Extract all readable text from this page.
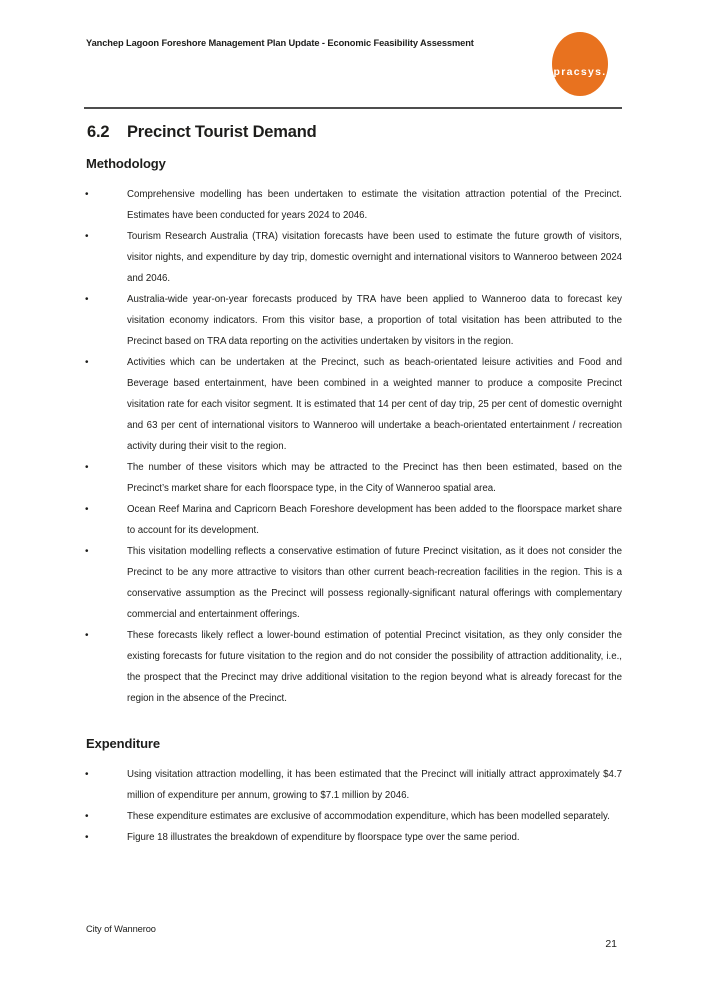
Yanchep Lagoon Foreshore Management Plan Update - Economic Feasibility Assessment
pracsys.
6.2	Precinct Tourist Demand
Methodology
•	Comprehensive modelling has been undertaken to estimate the visitation attraction potential of the Precinct. Estimates have been conducted for years 2024 to 2046.
•	Tourism Research Australia (TRA) visitation forecasts have been used to estimate the future growth of visitors, visitor nights, and expenditure by day trip, domestic overnight and international visitors to Wanneroo between 2024 and 2046.
•	Australia-wide year-on-year forecasts produced by TRA have been applied to Wanneroo data to forecast key visitation economy indicators. From this visitor base, a proportion of total visitation has been attributed to the Precinct based on TRA data reporting on the activities undertaken by visitors in the region.
•	Activities which can be undertaken at the Precinct, such as beach-orientated leisure activities and Food and Beverage based entertainment, have been combined in a weighted manner to produce a composite Precinct visitation rate for each visitor segment. It is estimated that 14 per cent of day trip, 25 per cent of domestic overnight and 63 per cent of international visitors to Wanneroo will undertake a beach-orientated entertainment / recreation activity during their visit to the region.
•	The number of these visitors which may be attracted to the Precinct has then been estimated, based on the Precinct’s market share for each floorspace type, in the City of Wanneroo spatial area.
•	Ocean Reef Marina and Capricorn Beach Foreshore development has been added to the floorspace market share to account for its development.
•	This visitation modelling reflects a conservative estimation of future Precinct visitation, as it does not consider the Precinct to be any more attractive to visitors than other current beach-recreation facilities in the region. This is a conservative assumption as the Precinct will possess regionally-significant natural offerings with complementary commercial and entertainment offerings.
•	These forecasts likely reflect a lower-bound estimation of potential Precinct visitation, as they only consider the existing forecasts for future visitation to the region and do not consider the possibility of attraction additionality, i.e., the prospect that the Precinct may drive additional visitation to the region beyond what is already forecast for the region in the absence of the Precinct.
Expenditure
•	Using visitation attraction modelling, it has been estimated that the Precinct will initially attract approximately $4.7 million of expenditure per annum, growing to $7.1 million by 2046.
•	These expenditure estimates are exclusive of accommodation expenditure, which has been modelled separately.
•	Figure 18 illustrates the breakdown of expenditure by floorspace type over the same period.
City of Wanneroo
21
